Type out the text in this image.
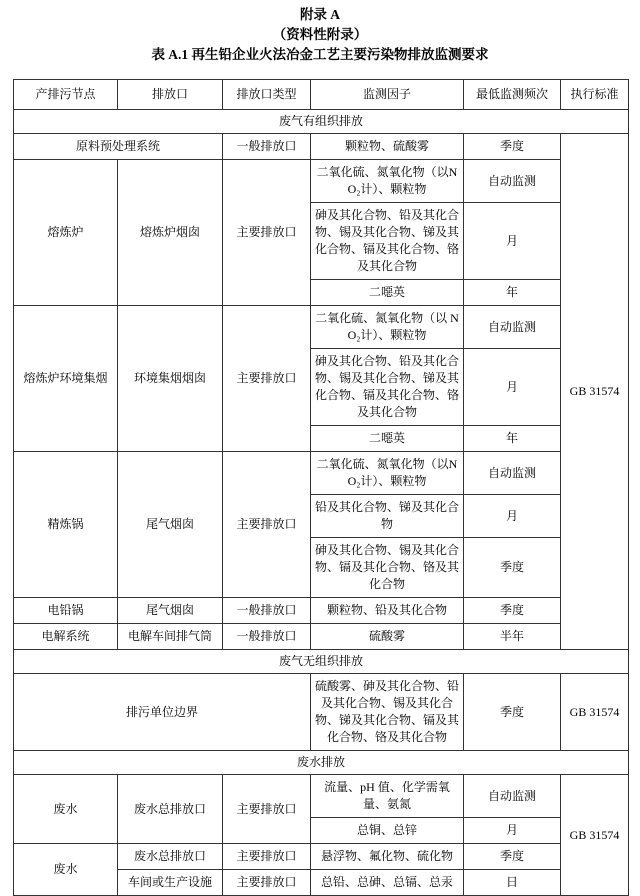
附录 A

（资料性附录）

表 A.1 再生铅企业火法冶金工艺主要污染物排放监测要求

产排污节点	排放口	排放口类型	监测因子	最低监测频次	执行标准
废气有组织排放					
原料预处理系统		一般排放口	颗粒物、硫酸雾	季度	GB 31574
熔炼炉	熔炼炉烟囱	主要排放口	二氧化硫、氮氧化物（以NO₂计）、颗粒物	自动监测	
			砷及其化合物、铅及其化合物、锡及其化合物、锑及其化合物、镉及其化合物、铬及其化合物	月	
			二噁英	年	
熔炼炉环境集烟	环境集烟烟囱	主要排放口	二氧化硫、氮氧化物（以 NO₂计）、颗粒物	自动监测	
			砷及其化合物、铅及其化合物、锡及其化合物、锑及其化合物、镉及其化合物、铬及其化合物	月	
			二噁英	年	
精炼锅	尾气烟囱	主要排放口	二氧化硫、氮氧化物（以NO₂计）、颗粒物	自动监测	
			铅及其化合物、锑及其化合物	月	
			砷及其化合物、锡及其化合物、镉及其化合物、铬及其化合物	季度	
电铅锅	尾气烟囱	一般排放口	颗粒物、铅及其化合物	季度	
电解系统	电解车间排气筒	一般排放口	硫酸雾	半年	
废气无组织排放					
排污单位边界			硫酸雾、砷及其化合物、铅及其化合物、锡及其化合物、锑及其化合物、镉及其化合物、铬及其化合物	季度	GB 31574
废水排放					
废水	废水总排放口	主要排放口	流量、pH 值、化学需氧量、氨氮	自动监测	GB 31574
			总铜、总锌	月	
废水	废水总排放口	主要排放口	悬浮物、氟化物、硫化物	季度	
	车间或生产设施	主要排放口	总铅、总砷、总镉、总汞	日	
